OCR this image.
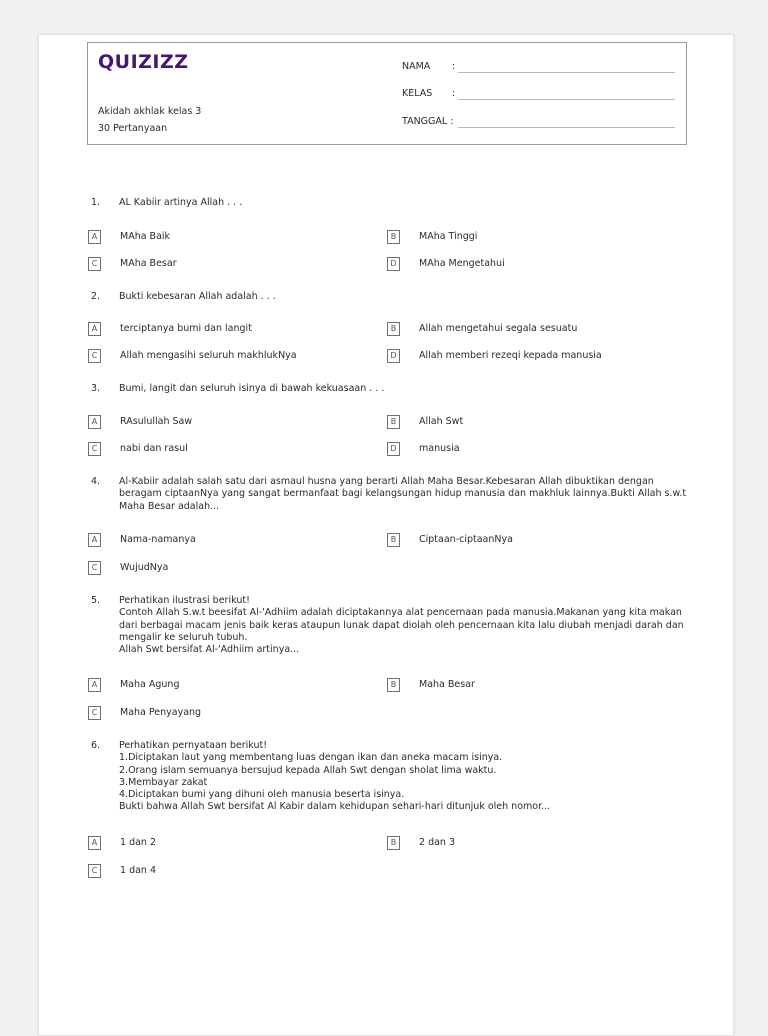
QUIZIZZ
Akidah akhlak kelas 3
30 Pertanyaan
NAMA :
KELAS :
TANGGAL :
1. AL Kabiir artinya Allah . . .
A	MAha Baik	B	MAha Tinggi
C	MAha Besar	D	MAha Mengetahui
2. Bukti kebesaran Allah adalah . . .
A	terciptanya bumi dan langit	B	Allah mengetahui segala sesuatu
C	Allah mengasihi seluruh makhlukNya	D	Allah memberi rezeqi kepada manusia
3. Bumi, langit dan seluruh isinya di bawah kekuasaan . . .
A	RAsulullah Saw	B	Allah Swt
C	nabi dan rasul	D	manusia
4. Al-Kabiir adalah salah satu dari asmaul husna yang berarti Allah Maha Besar.Kebesaran Allah dibuktikan dengan
beragam ciptaanNya yang sangat bermanfaat bagi kelangsungan hidup manusia dan makhluk lainnya.Bukti Allah s.w.t
Maha Besar adalah...
A	Nama-namanya	B	Ciptaan-ciptaanNya
C	WujudNya
5. Perhatikan ilustrasi berikut!
Contoh Allah S.w.t beesifat Al-'Adhiim adalah diciptakannya alat pencernaan pada manusia.Makanan yang kita makan
dari berbagai macam jenis baik keras ataupun lunak dapat diolah oleh pencernaan kita lalu diubah menjadi darah dan
mengalir ke seluruh tubuh.
Allah Swt bersifat Al-'Adhiim artinya...
A	Maha Agung	B	Maha Besar
C	Maha Penyayang
6. Perhatikan pernyataan berikut!
1.Diciptakan laut yang membentang luas dengan ikan dan aneka macam isinya.
2.Orang islam semuanya bersujud kepada Allah Swt dengan sholat lima waktu.
3.Membayar zakat
4.Diciptakan bumi yang dihuni oleh manusia beserta isinya.
Bukti bahwa Allah Swt bersifat Al Kabir dalam kehidupan sehari-hari ditunjuk oleh nomor...
A	1 dan 2	B	2 dan 3
C	1 dan 4
